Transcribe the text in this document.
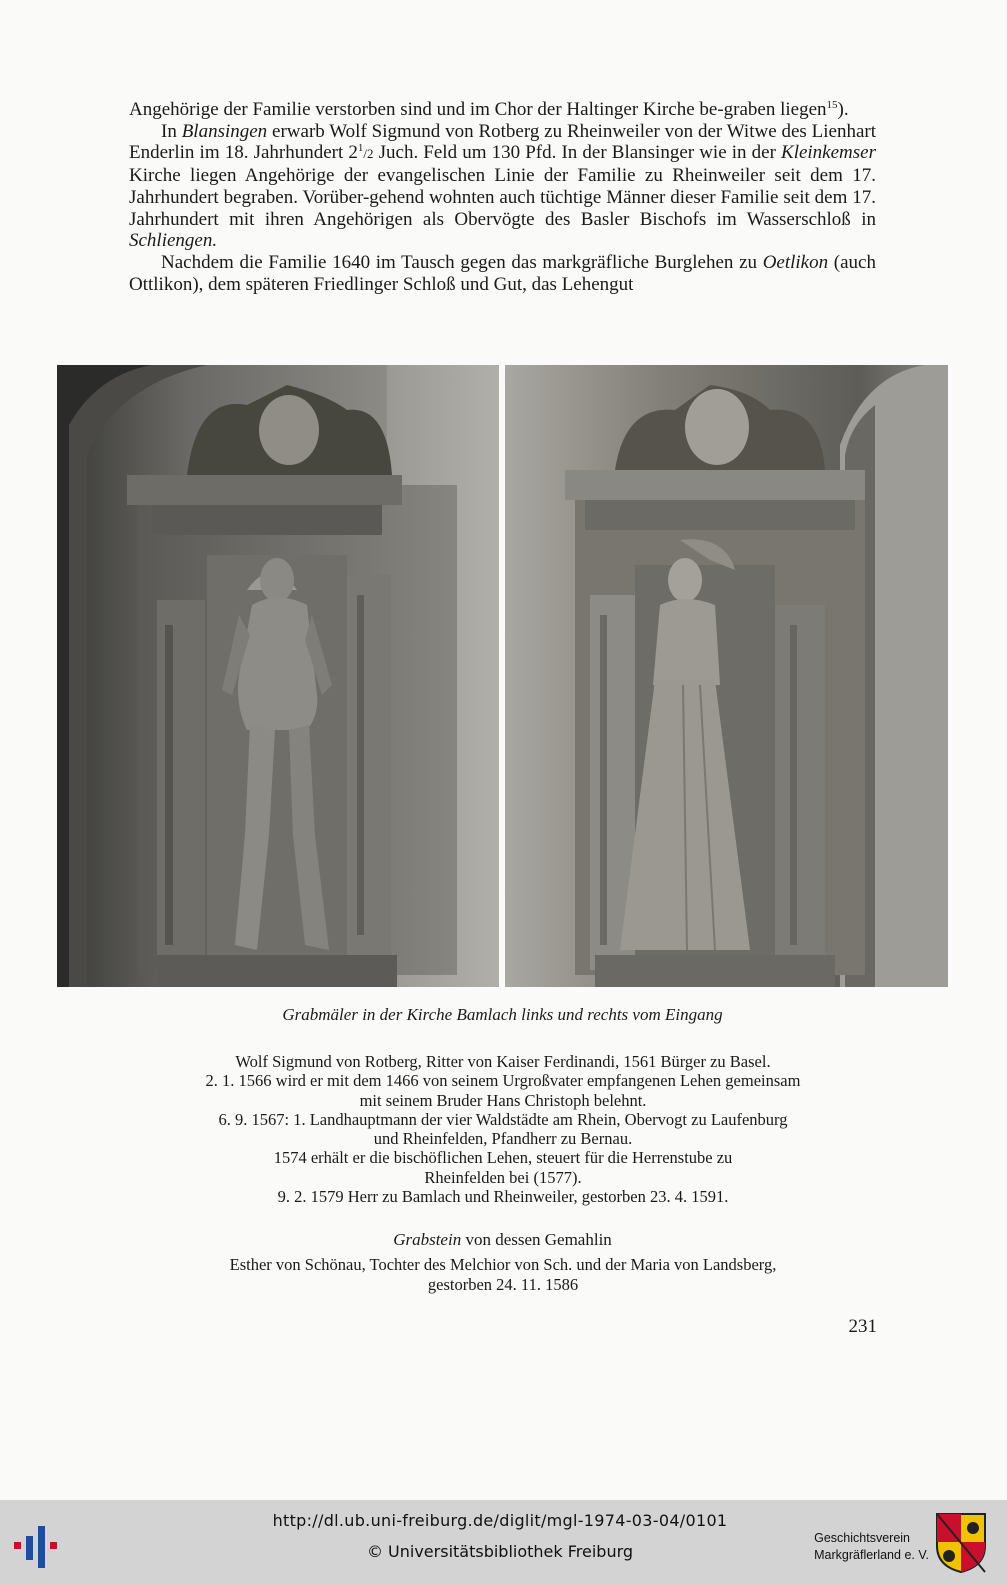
Angehörige der Familie verstorben sind und im Chor der Haltinger Kirche be-graben liegen$^{15}$).

In Blansingen erwarb Wolf Sigmund von Rotberg zu Rheinweiler von der Witwe des Lienhart Enderlin im 18. Jahrhundert $2^1/2$ Juch. Feld um 130 Pfd. In der Blansinger wie in der Kleinkemser Kirche liegen Angehörige der evangelischen Linie der Familie zu Rheinweiler seit dem 17. Jahrhundert begraben. Vorüber-gehend wohnten auch tüchtige Männer dieser Familie seit dem 17. Jahrhundert mit ihren Angehörigen als Obervögte des Basler Bischofs im Wasserschloß in Schliengen.

Nachdem die Familie 1640 im Tausch gegen das markgräfliche Burglehen zu Oetlikon (auch Ottlikon), dem späteren Friedlinger Schloß und Gut, das Lehengut

Grabmäler in der Kirche Bamlach links und rechts vom Eingang
Wolf Sigmund von Rotberg, Ritter von Kaiser Ferdinandi, 1561 Bürger zu Basel.
2. 1. 1566 wird er mit dem 1466 von seinem Urgroßvater empfangenen Lehen gemeinsam
mit seinem Bruder Hans Christoph belehnt.
6. 9. 1567: 1. Landhauptmann der vier Waldstädte am Rhein, Obervogt zu Laufenburg
und Rheinfelden, Pfandherr zu Bernau.
1574 erhält er die bischöflichen Lehen, steuert für die Herrenstube zu
Rheinfelden bei (1577).
9. 2. 1579 Herr zu Bamlach und Rheinweiler, gestorben 23. 4. 1591.
Grabstein von dessen Gemahlin
Esther von Schönau, Tochter des Melchior von Sch. und der Maria von Landsberg,
gestorben 24. 11. 1586
231
http://dl.ub.uni-freiburg.de/diglit/mgl-1974-03-04/0101
© Universitätsbibliothek Freiburg
Geschichtsverein
Markgräflerland e. V.
